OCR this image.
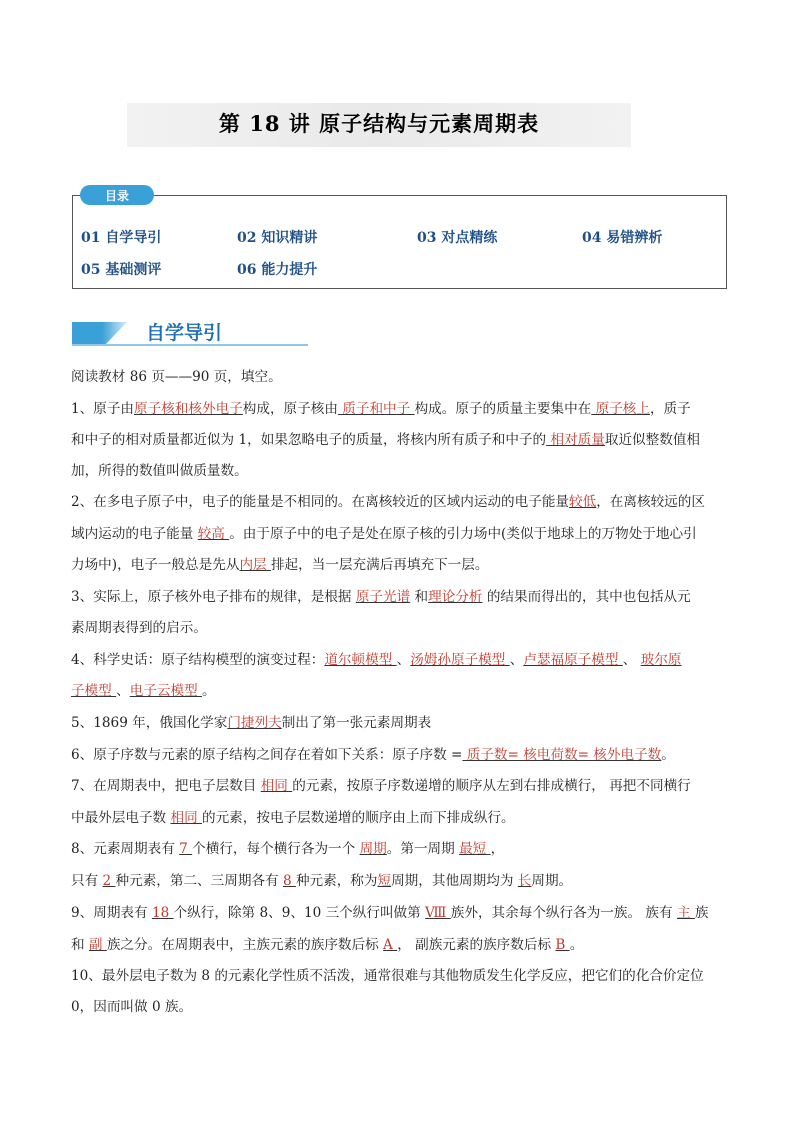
第 18 讲 原子结构与元素周期表
目录
01 自学导引	02 知识精讲	03 对点精练	04 易错辨析
05 基础测评	06 能力提升
自学导引
阅读教材 86 页——90 页，填空。
1、原子由原子核和核外电子构成，原子核由 质子和中子 构成。原子的质量主要集中在 原子核上，质子
和中子的相对质量都近似为 1，如果忽略电子的质量，将核内所有质子和中子的 相对质量取近似整数值相
加，所得的数值叫做质量数。
2、在多电子原子中，电子的能量是不相同的。在离核较近的区域内运动的电子能量较低，在离核较远的区
域内运动的电子能量 较高 。由于原子中的电子是处在原子核的引力场中(类似于地球上的万物处于地心引
力场中)，电子一般总是先从内层 排起，当一层充满后再填充下一层。
3、实际上，原子核外电子排布的规律，是根据 原子光谱 和理论分析 的结果而得出的，其中也包括从元
素周期表得到的启示。
4、科学史话：原子结构模型的演变过程：道尔顿模型 、汤姆孙原子模型 、卢瑟福原子模型 、 玻尔原
子模型 、电子云模型 。
5、1869 年，俄国化学家门捷列夫制出了第一张元素周期表
6、原子序数与元素的原子结构之间存在着如下关系：原子序数 = 质子数= 核电荷数= 核外电子数。
7、在周期表中，把电子层数目 相同 的元素，按原子序数递增的顺序从左到右排成横行， 再把不同横行
中最外层电子数 相同 的元素，按电子层数递增的顺序由上而下排成纵行。
8、元素周期表有 7 个横行，每个横行各为一个 周期。第一周期 最短 ，
只有 2 种元素，第二、三周期各有 8 种元素，称为短周期，其他周期均为 长周期。
9、周期表有 18 个纵行，除第 8、9、10 三个纵行叫做第 Ⅷ 族外，其余每个纵行各为一族。 族有 主 族
和 副 族之分。在周期表中，主族元素的族序数后标 A ， 副族元素的族序数后标 B 。
10、最外层电子数为 8 的元素化学性质不活泼，通常很难与其他物质发生化学反应，把它们的化合价定位
0，因而叫做 0 族。
